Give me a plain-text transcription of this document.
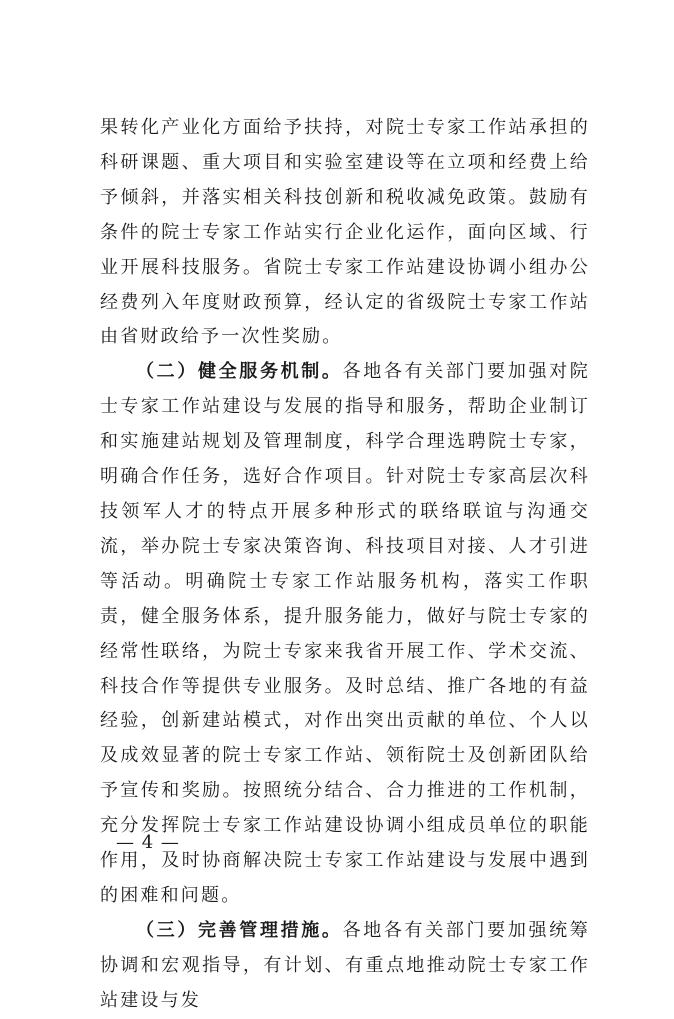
果转化产业化方面给予扶持，对院士专家工作站承担的科研课题、重大项目和实验室建设等在立项和经费上给予倾斜，并落实相关科技创新和税收减免政策。鼓励有条件的院士专家工作站实行企业化运作，面向区域、行业开展科技服务。省院士专家工作站建设协调小组办公经费列入年度财政预算，经认定的省级院士专家工作站由省财政给予一次性奖励。

（二）健全服务机制。各地各有关部门要加强对院士专家工作站建设与发展的指导和服务，帮助企业制订和实施建站规划及管理制度，科学合理选聘院士专家，明确合作任务，选好合作项目。针对院士专家高层次科技领军人才的特点开展多种形式的联络联谊与沟通交流，举办院士专家决策咨询、科技项目对接、人才引进等活动。明确院士专家工作站服务机构，落实工作职责，健全服务体系，提升服务能力，做好与院士专家的经常性联络，为院士专家来我省开展工作、学术交流、科技合作等提供专业服务。及时总结、推广各地的有益经验，创新建站模式，对作出突出贡献的单位、个人以及成效显著的院士专家工作站、领衔院士及创新团队给予宣传和奖励。按照统分结合、合力推进的工作机制，充分发挥院士专家工作站建设协调小组成员单位的职能作用，及时协商解决院士专家工作站建设与发展中遇到的困难和问题。

（三）完善管理措施。各地各有关部门要加强统筹协调和宏观指导，有计划、有重点地推动院士专家工作站建设与发

— 4 —
